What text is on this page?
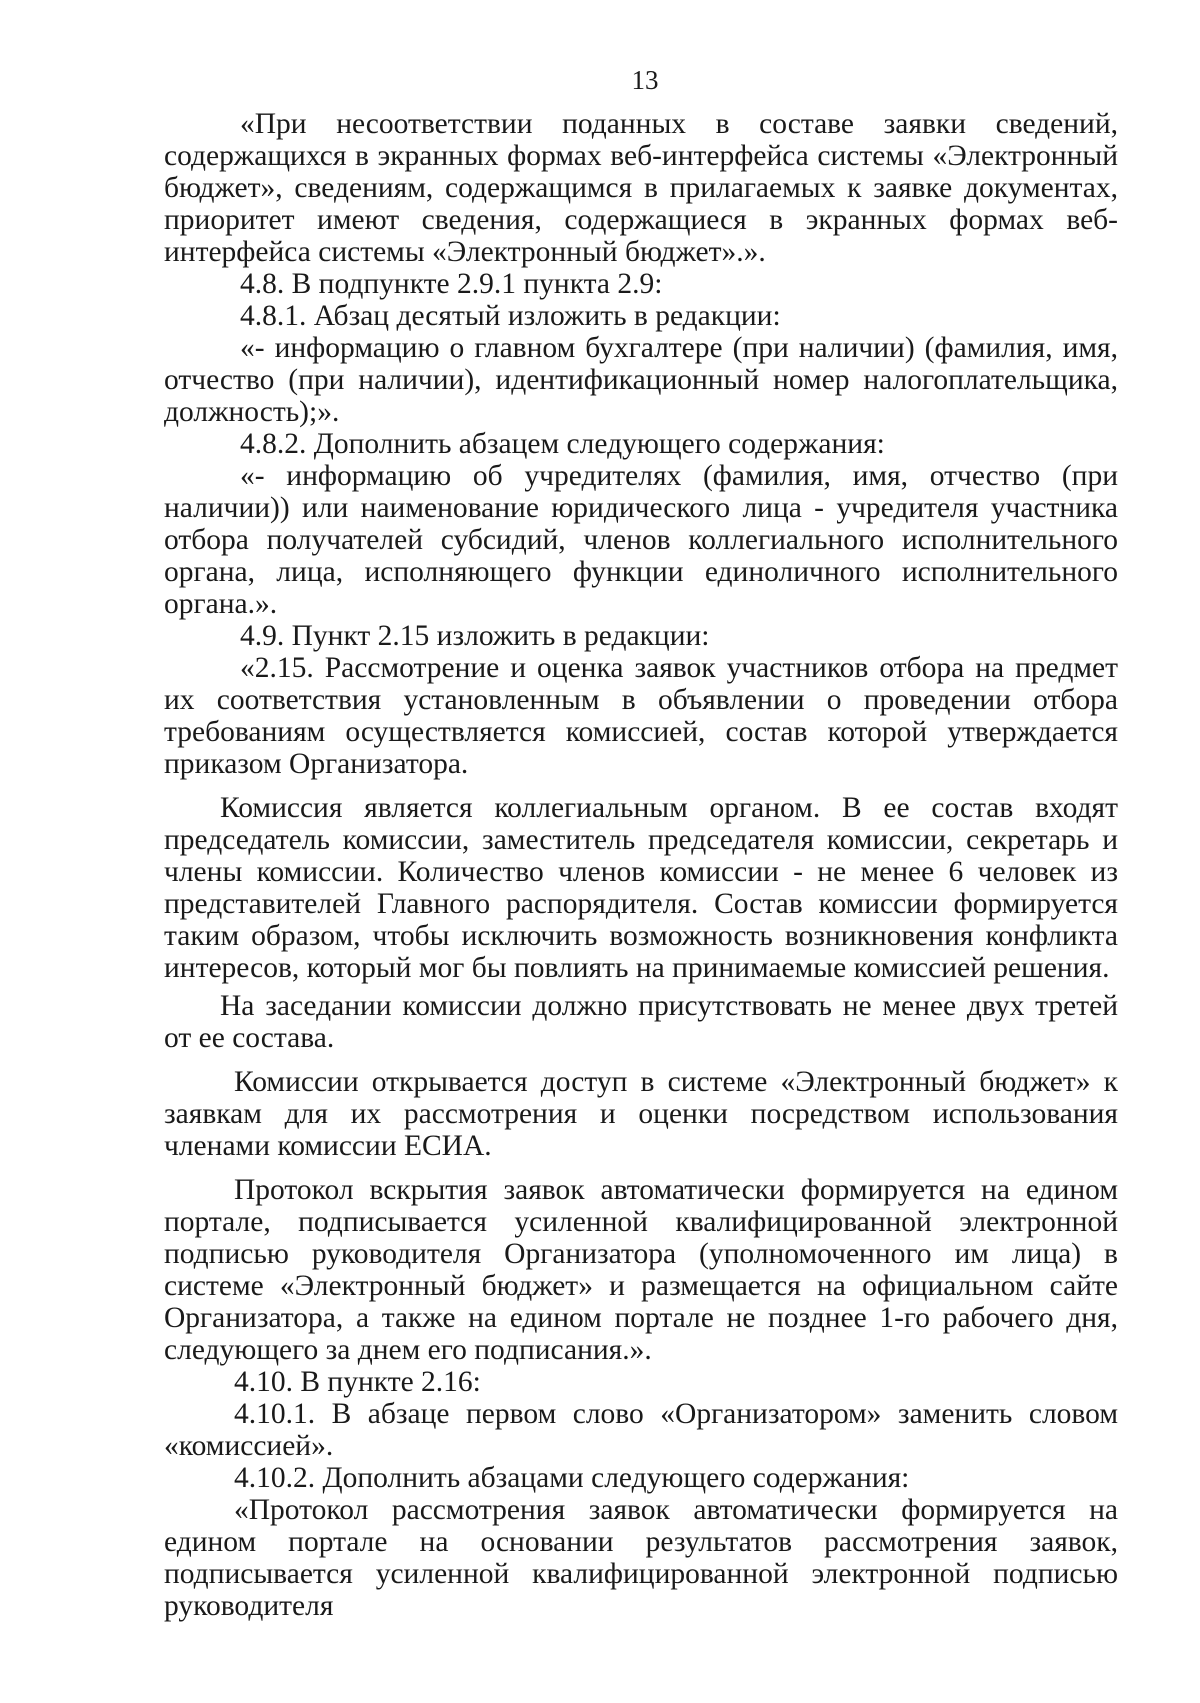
13

«При несоответствии поданных в составе заявки сведений, содержащихся в экранных формах веб-интерфейса системы «Электронный бюджет», сведениям, содержащимся в прилагаемых к заявке документах, приоритет имеют сведения, содержащиеся в экранных формах веб-интерфейса системы «Электронный бюджет».».

4.8. В подпункте 2.9.1 пункта 2.9:

4.8.1. Абзац десятый изложить в редакции:

«- информацию о главном бухгалтере (при наличии) (фамилия, имя, отчество (при наличии), идентификационный номер налогоплательщика, должность);».

4.8.2. Дополнить абзацем следующего содержания:

«- информацию об учредителях (фамилия, имя, отчество (при наличии)) или наименование юридического лица - учредителя участника отбора получателей субсидий, членов коллегиального исполнительного органа, лица, исполняющего функции единоличного исполнительного органа.».

4.9. Пункт 2.15 изложить в редакции:

«2.15. Рассмотрение и оценка заявок участников отбора на предмет их соответствия установленным в объявлении о проведении отбора требованиям осуществляется комиссией, состав которой утверждается приказом Организатора.

Комиссия является коллегиальным органом. В ее состав входят председатель комиссии, заместитель председателя комиссии, секретарь и члены комиссии. Количество членов комиссии - не менее 6 человек из представителей Главного распорядителя. Состав комиссии формируется таким образом, чтобы исключить возможность возникновения конфликта интересов, который мог бы повлиять на принимаемые комиссией решения.

На заседании комиссии должно присутствовать не менее двух третей от ее состава.

Комиссии открывается доступ в системе «Электронный бюджет» к заявкам для их рассмотрения и оценки посредством использования членами комиссии ЕСИА.

Протокол вскрытия заявок автоматически формируется на едином портале, подписывается усиленной квалифицированной электронной подписью руководителя Организатора (уполномоченного им лица) в системе «Электронный бюджет» и размещается на официальном сайте Организатора, а также на едином портале не позднее 1-го рабочего дня, следующего за днем его подписания.».

4.10. В пункте 2.16:

4.10.1. В абзаце первом слово «Организатором» заменить словом «комиссией».

4.10.2. Дополнить абзацами следующего содержания:

«Протокол рассмотрения заявок автоматически формируется на едином портале на основании результатов рассмотрения заявок, подписывается усиленной квалифицированной электронной подписью руководителя
